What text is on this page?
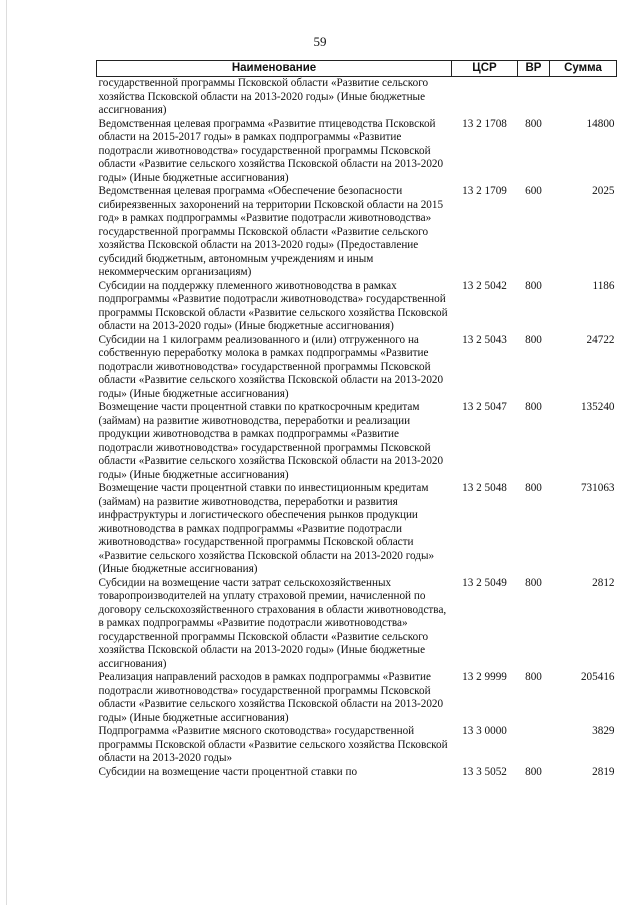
59
Наименование	ЦСР	ВР	Сумма
государственной программы Псковской области «Развитие сельского хозяйства Псковской области на 2013-2020 годы» (Иные бюджетные ассигнования)			
Ведомственная целевая программа «Развитие птицеводства Псковской области на 2015-2017 годы» в рамках подпрограммы «Развитие подотрасли животноводства» государственной программы Псковской области «Развитие сельского хозяйства Псковской области на 2013-2020 годы» (Иные бюджетные ассигнования)	13 2 1708	800	14800
Ведомственная целевая программа «Обеспечение безопасности сибиреязвенных захоронений на территории Псковской области на 2015 год» в рамках подпрограммы «Развитие подотрасли животноводства» государственной программы Псковской области «Развитие сельского хозяйства Псковской области на 2013-2020 годы» (Предоставление субсидий бюджетным, автономным учреждениям и иным некоммерческим организациям)	13 2 1709	600	2025
Субсидии на поддержку племенного животноводства в рамках подпрограммы «Развитие подотрасли животноводства» государственной программы Псковской области «Развитие сельского хозяйства Псковской области на 2013-2020 годы» (Иные бюджетные ассигнования)	13 2 5042	800	1186
Субсидии на 1 килограмм реализованного и (или) отгруженного на собственную переработку молока в рамках подпрограммы «Развитие подотрасли животноводства» государственной программы Псковской области «Развитие сельского хозяйства Псковской области на 2013-2020 годы» (Иные бюджетные ассигнования)	13 2 5043	800	24722
Возмещение части процентной ставки по краткосрочным кредитам (займам) на развитие животноводства, переработки и реализации продукции животноводства в рамках подпрограммы «Развитие подотрасли животноводства» государственной программы Псковской области «Развитие сельского хозяйства Псковской области на 2013-2020 годы» (Иные бюджетные ассигнования)	13 2 5047	800	135240
Возмещение части процентной ставки по инвестиционным кредитам (займам) на развитие животноводства, переработки и развития инфраструктуры и логистического обеспечения рынков продукции животноводства в рамках подпрограммы «Развитие подотрасли животноводства» государственной программы Псковской области «Развитие сельского хозяйства Псковской области на 2013-2020 годы» (Иные бюджетные ассигнования)	13 2 5048	800	731063
Субсидии на возмещение части затрат сельскохозяйственных товаропроизводителей на уплату страховой премии, начисленной по договору сельскохозяйственного страхования в области животноводства, в рамках подпрограммы «Развитие подотрасли животноводства» государственной программы Псковской области «Развитие сельского хозяйства Псковской области на 2013-2020 годы» (Иные бюджетные ассигнования)	13 2 5049	800	2812
Реализация направлений расходов в рамках подпрограммы «Развитие подотрасли животноводства» государственной программы Псковской области «Развитие сельского хозяйства Псковской области на 2013-2020 годы» (Иные бюджетные ассигнования)	13 2 9999	800	205416
Подпрограмма «Развитие мясного скотоводства» государственной программы Псковской области «Развитие сельского хозяйства Псковской области на 2013-2020 годы»	13 3 0000		3829
Субсидии на возмещение части процентной ставки по	13 3 5052	800	2819
